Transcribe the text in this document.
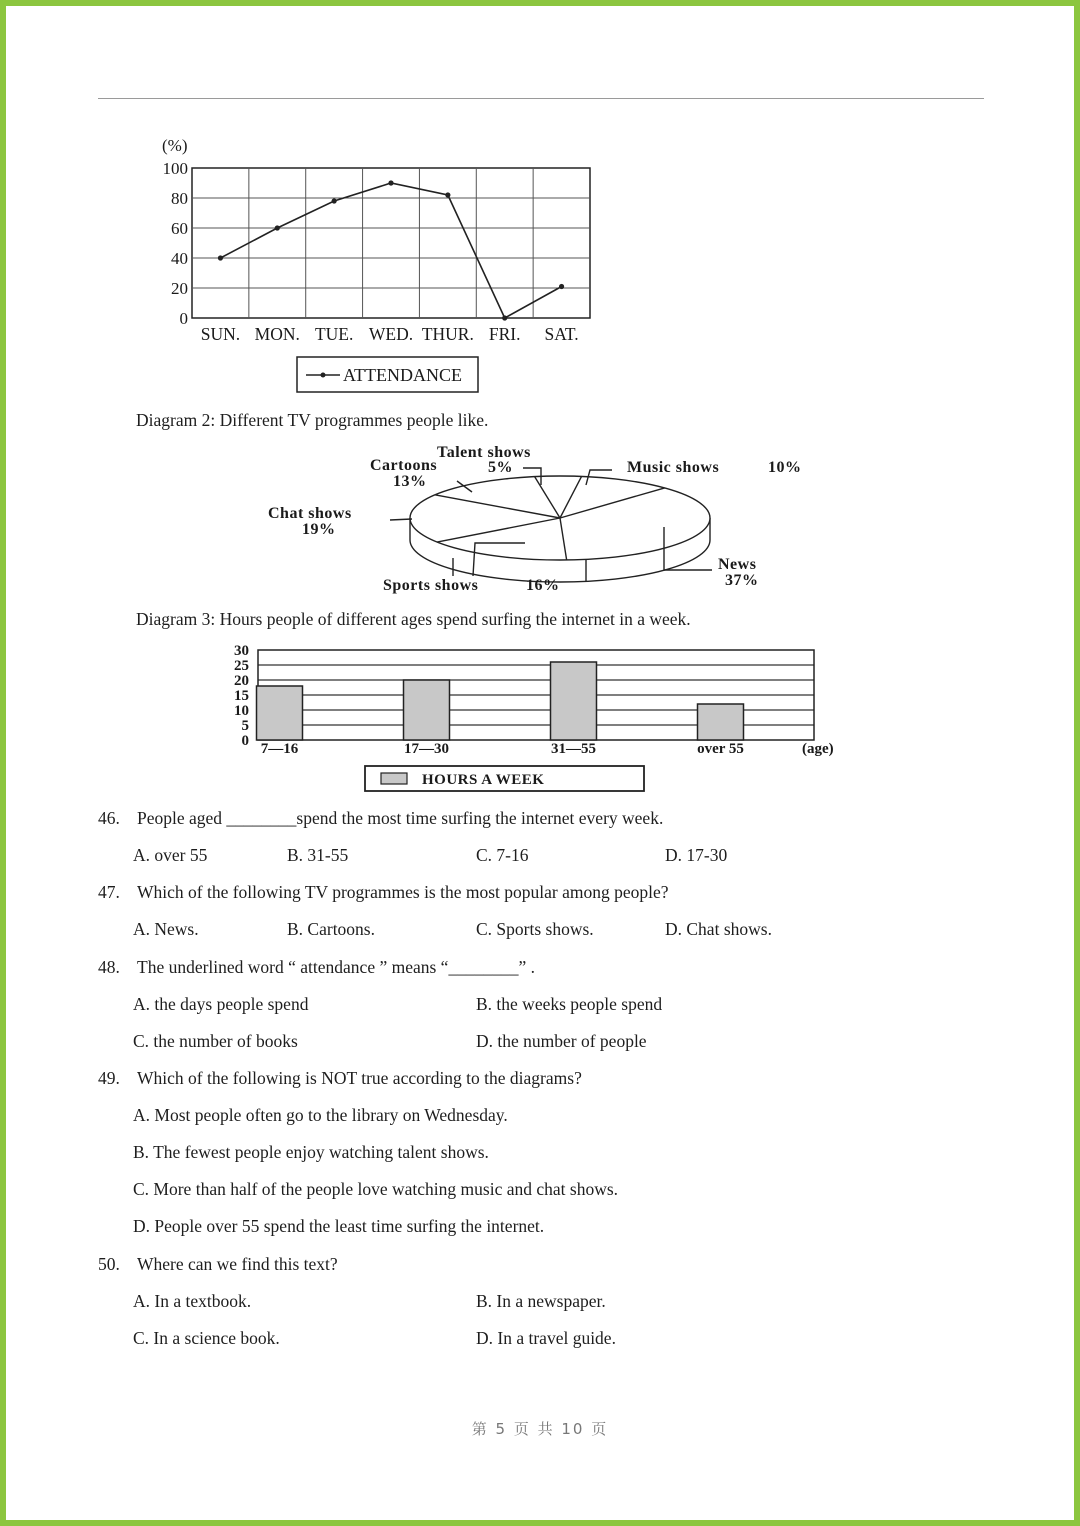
(%)
100
80
60
40
20
0
SUN. MON. TUE. WED. THUR. FRI. SAT.
ATTENDANCE
Diagram 2: Different TV programmes people like.
Talent shows
5%
Cartoons
13%
Music shows	10%
Chat shows
19%
News
37%
Sports shows	16%
Diagram 3: Hours people of different ages spend surfing the internet in a week.
30
25
20
15
10
5
0 7—16	17—30	31—55	over 55	(age)
HOURS A WEEK
46. People aged ________spend the most time surfing the internet every week.
A. over 55	B. 31-55	C. 7-16	D. 17-30
47. Which of the following TV programmes is the most popular among people?
A. News.	B. Cartoons.	C. Sports shows.	D. Chat shows.
48. The underlined word “ attendance ” means “________” .
A. the days people spend	B. the weeks people spend
C. the number of books	D. the number of people
49. Which of the following is NOT true according to the diagrams?
A. Most people often go to the library on Wednesday.
B. The fewest people enjoy watching talent shows.
C. More than half of the people love watching music and chat shows.
D. People over 55 spend the least time surfing the internet.
50. Where can we find this text?
A. In a textbook.	B. In a newspaper.
C. In a science book.	D. In a travel guide.
第 5 页 共 10 页
